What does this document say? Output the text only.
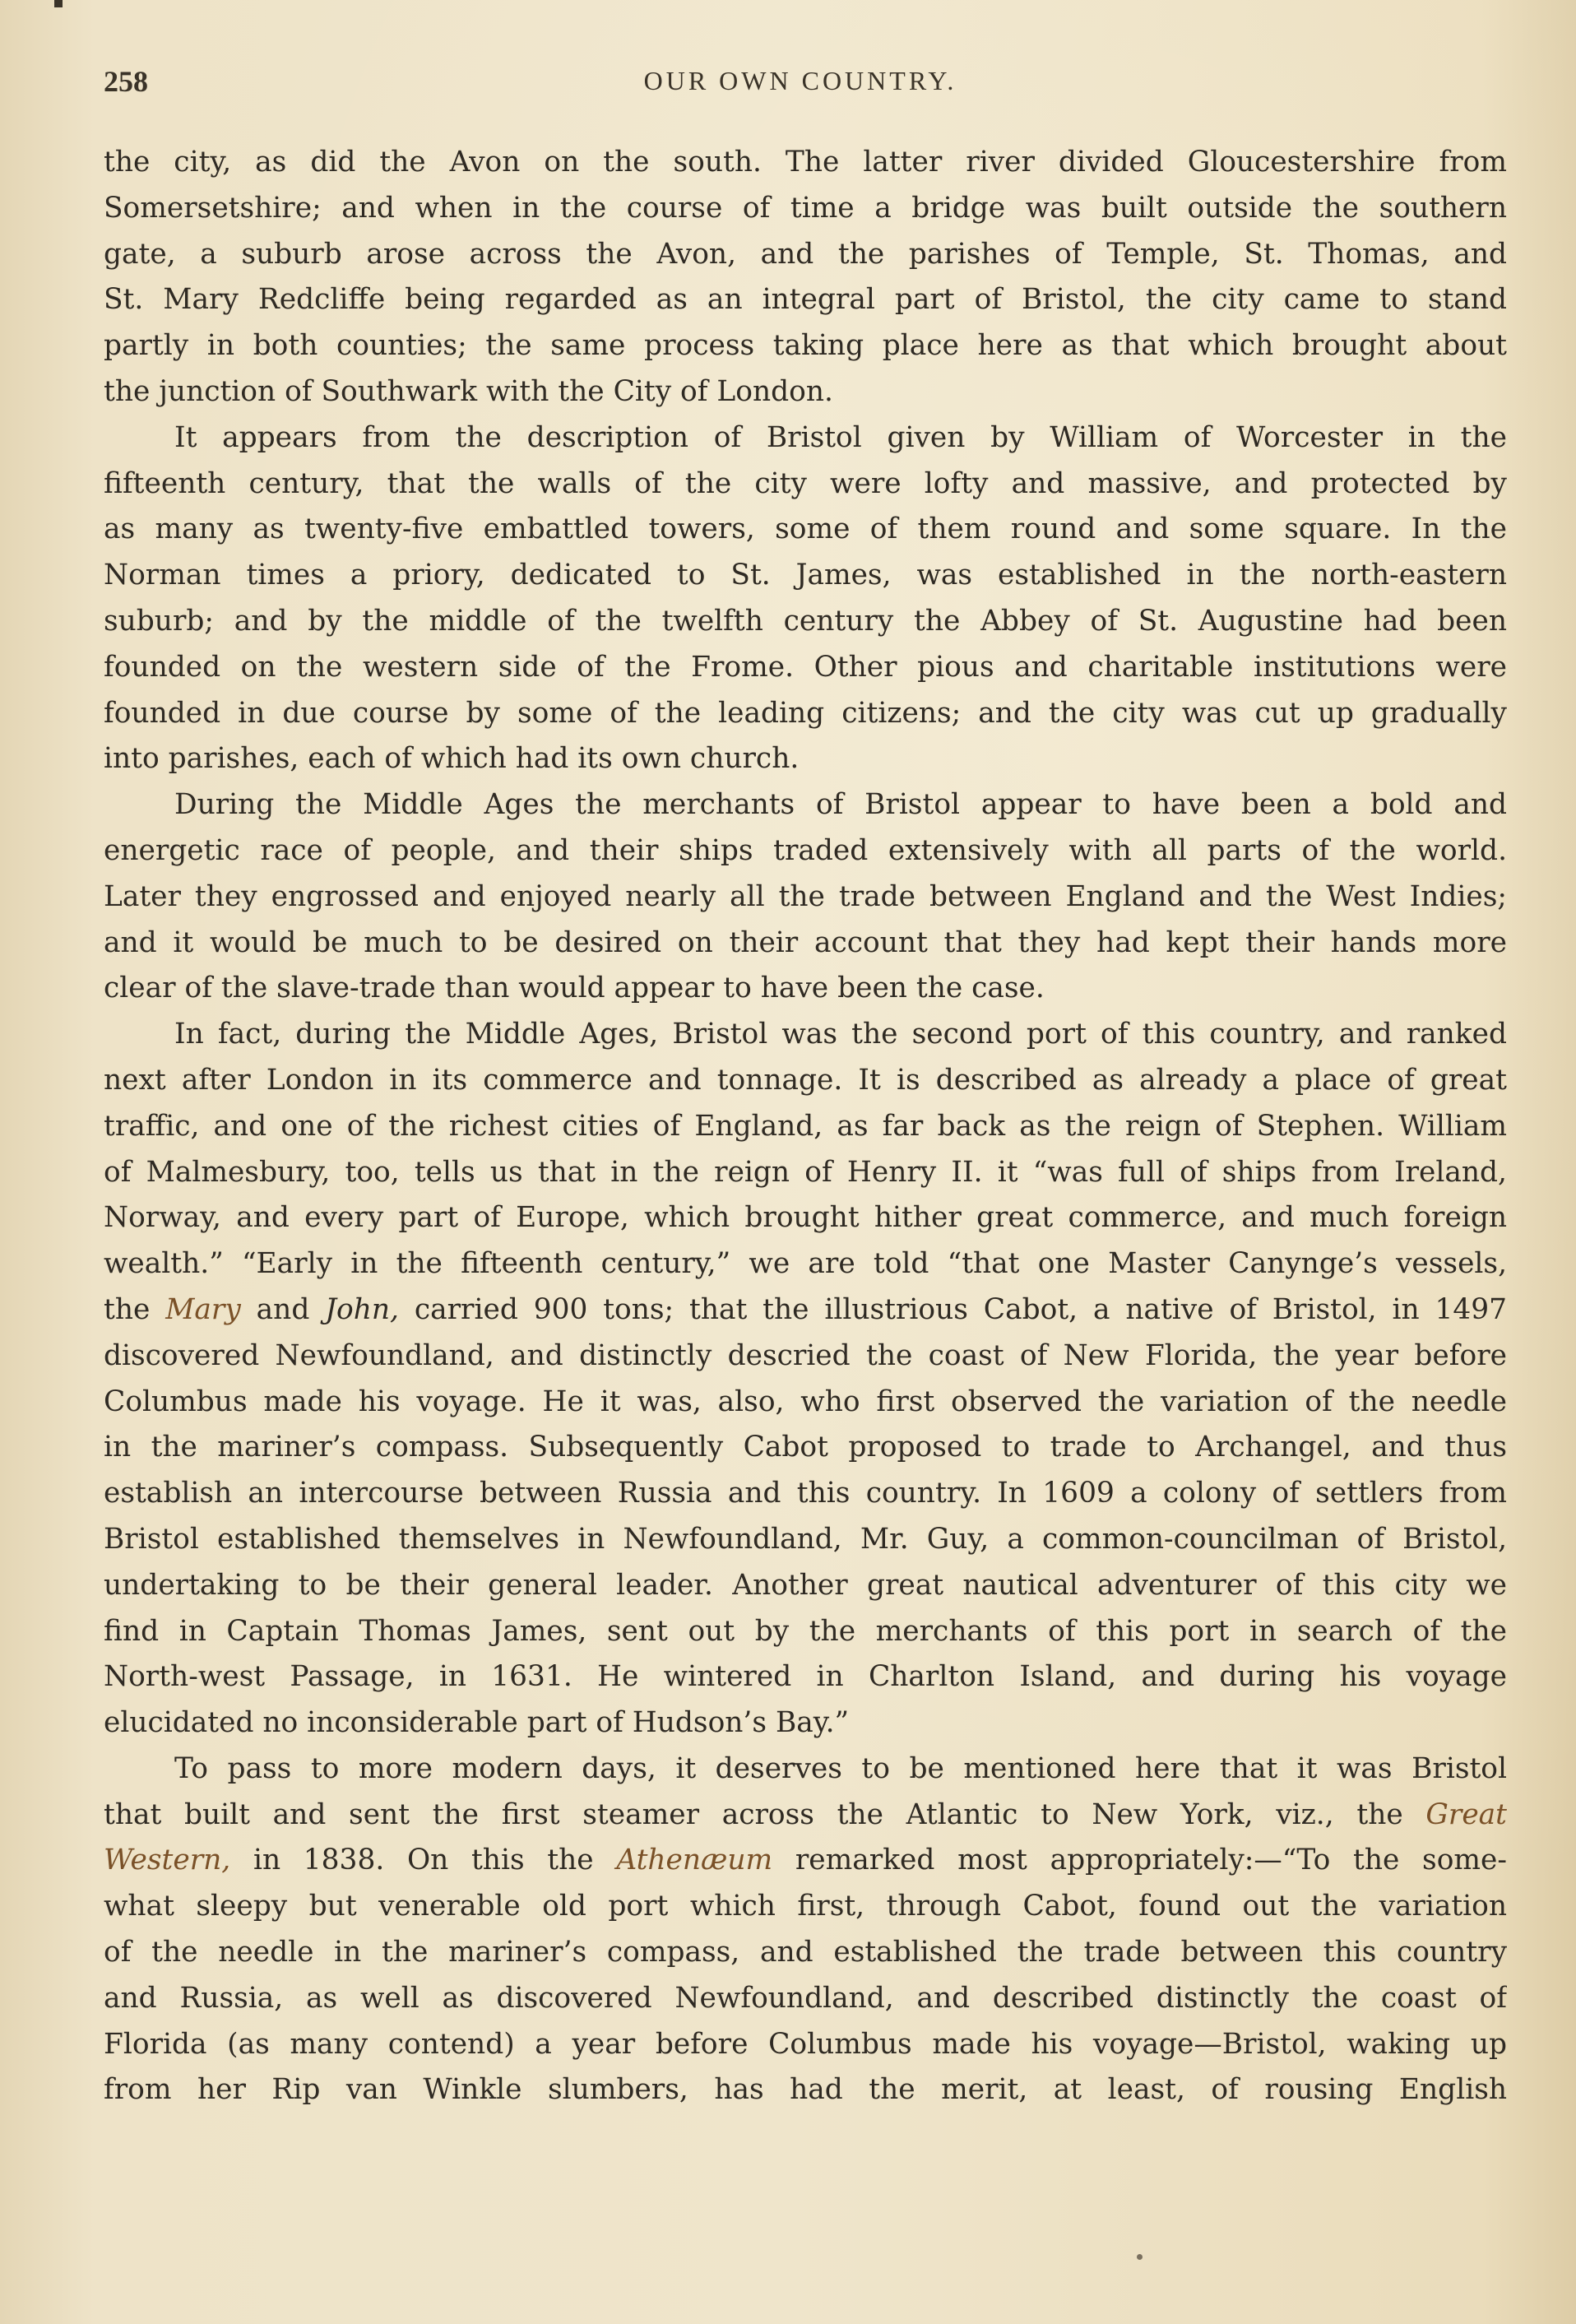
258	OUR OWN COUNTRY.
the city, as did the Avon on the south. The latter river divided Gloucestershire from
Somersetshire; and when in the course of time a bridge was built outside the southern
gate, a suburb arose across the Avon, and the parishes of Temple, St. Thomas, and
St. Mary Redcliffe being regarded as an integral part of Bristol, the city came to stand
partly in both counties; the same process taking place here as that which brought about
the junction of Southwark with the City of London.
It appears from the description of Bristol given by William of Worcester in the
fifteenth century, that the walls of the city were lofty and massive, and protected by
as many as twenty-five embattled towers, some of them round and some square. In the
Norman times a priory, dedicated to St. James, was established in the north-eastern
suburb; and by the middle of the twelfth century the Abbey of St. Augustine had been
founded on the western side of the Frome. Other pious and charitable institutions were
founded in due course by some of the leading citizens; and the city was cut up gradually
into parishes, each of which had its own church.
During the Middle Ages the merchants of Bristol appear to have been a bold and
energetic race of people, and their ships traded extensively with all parts of the world.
Later they engrossed and enjoyed nearly all the trade between England and the West Indies;
and it would be much to be desired on their account that they had kept their hands more
clear of the slave-trade than would appear to have been the case.
In fact, during the Middle Ages, Bristol was the second port of this country, and ranked
next after London in its commerce and tonnage. It is described as already a place of great
traffic, and one of the richest cities of England, as far back as the reign of Stephen. William
of Malmesbury, too, tells us that in the reign of Henry II. it “was full of ships from Ireland,
Norway, and every part of Europe, which brought hither great commerce, and much foreign
wealth.” “Early in the fifteenth century,” we are told “that one Master Canynge’s vessels,
the Mary and John, carried 900 tons; that the illustrious Cabot, a native of Bristol, in 1497
discovered Newfoundland, and distinctly descried the coast of New Florida, the year before
Columbus made his voyage. He it was, also, who first observed the variation of the needle
in the mariner’s compass. Subsequently Cabot proposed to trade to Archangel, and thus
establish an intercourse between Russia and this country. In 1609 a colony of settlers from
Bristol established themselves in Newfoundland, Mr. Guy, a common-councilman of Bristol,
undertaking to be their general leader. Another great nautical adventurer of this city we
find in Captain Thomas James, sent out by the merchants of this port in search of the
North-west Passage, in 1631. He wintered in Charlton Island, and during his voyage
elucidated no inconsiderable part of Hudson’s Bay.”
To pass to more modern days, it deserves to be mentioned here that it was Bristol
that built and sent the first steamer across the Atlantic to New York, viz., the Great
Western, in 1838. On this the Athenæum remarked most appropriately:—“To the some-
what sleepy but venerable old port which first, through Cabot, found out the variation
of the needle in the mariner’s compass, and established the trade between this country
and Russia, as well as discovered Newfoundland, and described distinctly the coast of
Florida (as many contend) a year before Columbus made his voyage—Bristol, waking up
from her Rip van Winkle slumbers, has had the merit, at least, of rousing English
